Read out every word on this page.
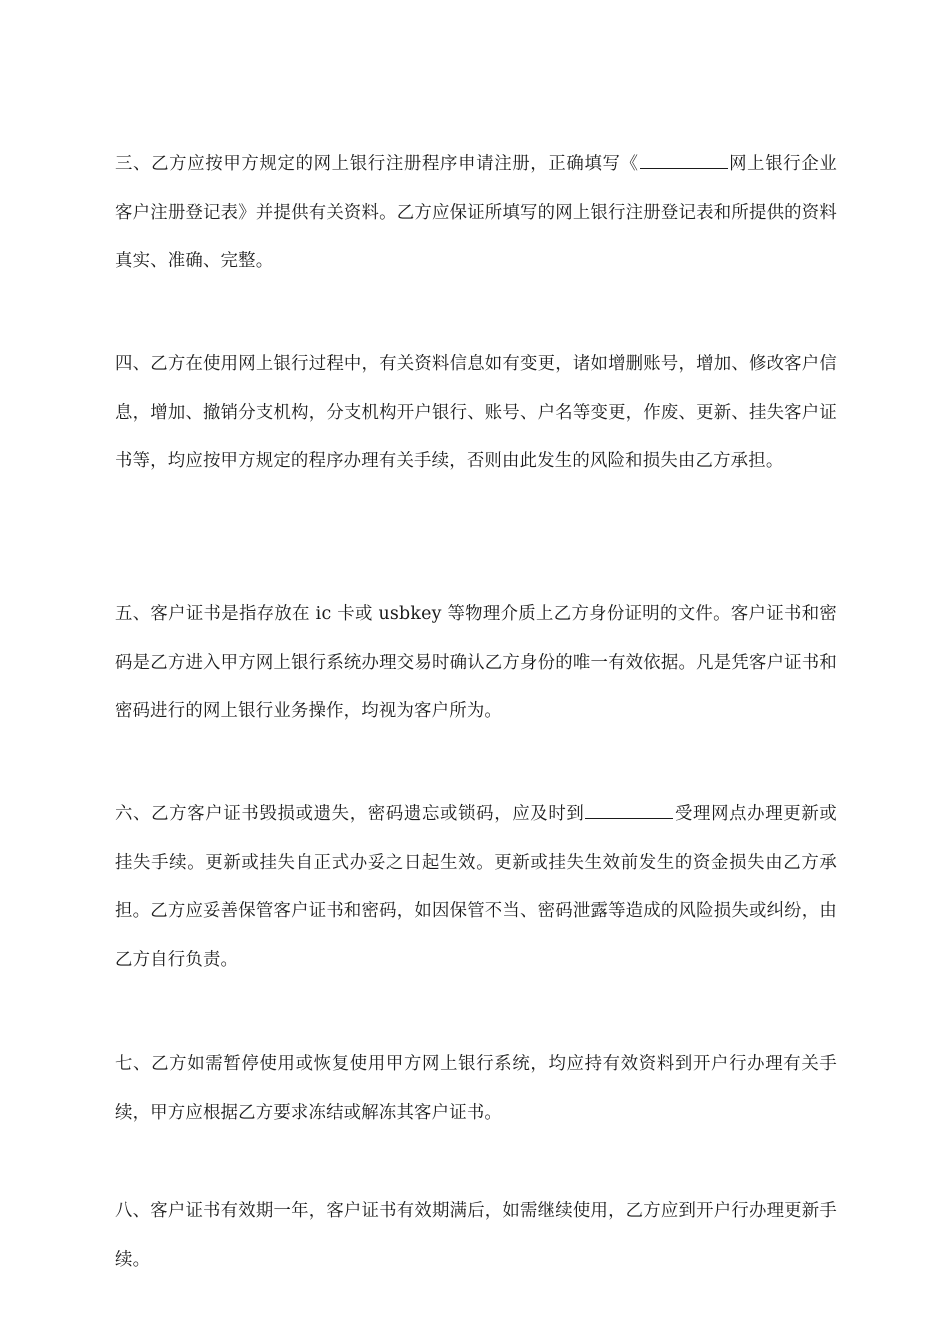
三、乙方应按甲方规定的网上银行注册程序申请注册，正确填写《	网上银行企业客户注册登记表》并提供有关资料。乙方应保证所填写的网上银行注册登记表和所提供的资料真实、准确、完整。

四、乙方在使用网上银行过程中，有关资料信息如有变更，诸如增删账号，增加、修改客户信息，增加、撤销分支机构，分支机构开户银行、账号、户名等变更，作废、更新、挂失客户证书等，均应按甲方规定的程序办理有关手续，否则由此发生的风险和损失由乙方承担。

五、客户证书是指存放在 ic 卡或 usbkey 等物理介质上乙方身份证明的文件。客户证书和密码是乙方进入甲方网上银行系统办理交易时确认乙方身份的唯一有效依据。凡是凭客户证书和密码进行的网上银行业务操作，均视为客户所为。

六、乙方客户证书毁损或遗失，密码遗忘或锁码，应及时到	受理网点办理更新或挂失手续。更新或挂失自正式办妥之日起生效。更新或挂失生效前发生的资金损失由乙方承担。乙方应妥善保管客户证书和密码，如因保管不当、密码泄露等造成的风险损失或纠纷，由乙方自行负责。

七、乙方如需暂停使用或恢复使用甲方网上银行系统，均应持有效资料到开户行办理有关手续，甲方应根据乙方要求冻结或解冻其客户证书。

八、客户证书有效期一年，客户证书有效期满后，如需继续使用，乙方应到开户行办理更新手续。
